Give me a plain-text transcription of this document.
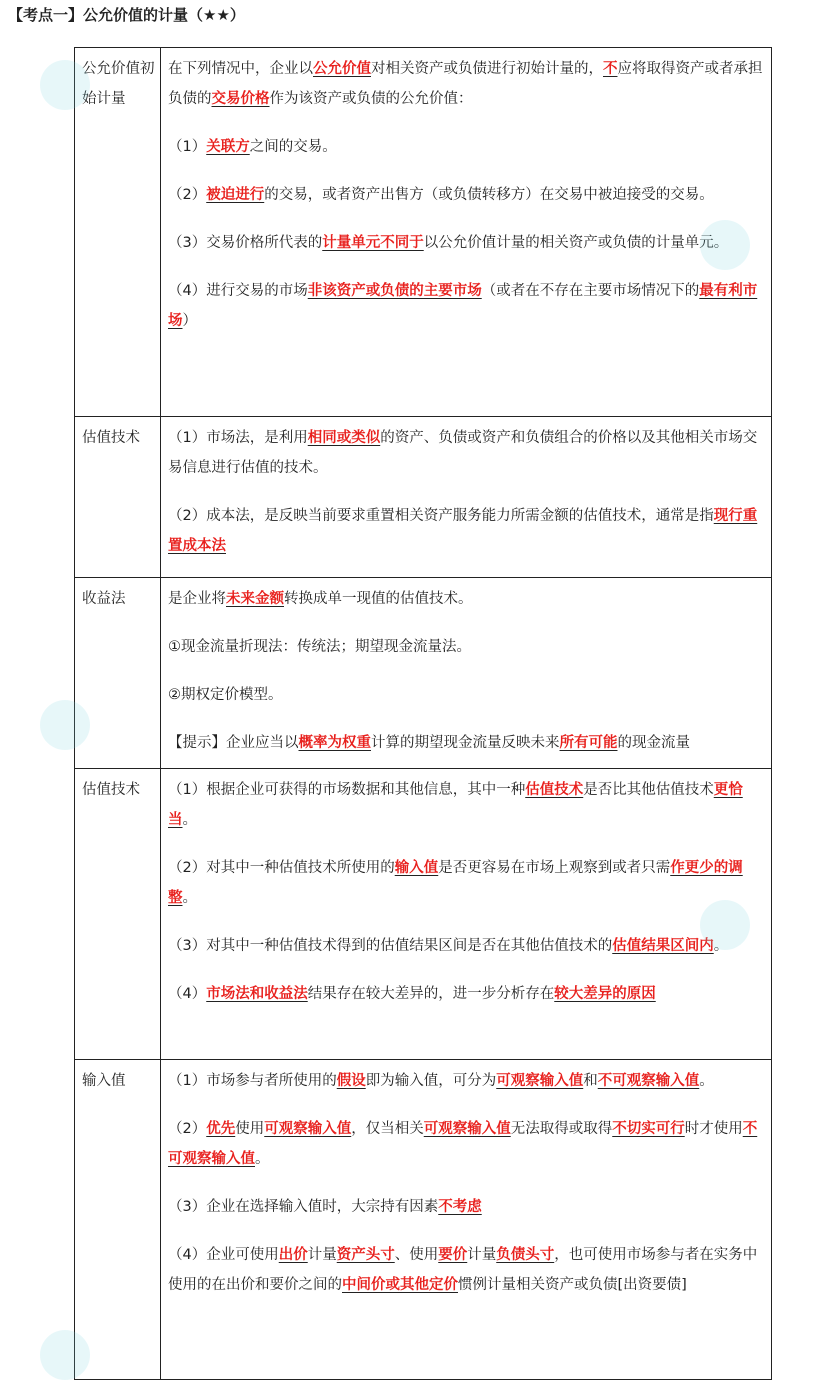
【考点一】公允价值的计量（★★）
公允价值初始计量	在下列情况中，企业以公允价值对相关资产或负债进行初始计量的，不应将取得资产或者承担负债的交易价格作为该资产或负债的公允价值：
（1）关联方之间的交易。
（2）被迫进行的交易，或者资产出售方（或负债转移方）在交易中被迫接受的交易。
（3）交易价格所代表的计量单元不同于以公允价值计量的相关资产或负债的计量单元。
（4）进行交易的市场非该资产或负债的主要市场（或者在不存在主要市场情况下的最有利市场）

估值技术	（1）市场法，是利用相同或类似的资产、负债或资产和负债组合的价格以及其他相关市场交易信息进行估值的技术。
（2）成本法，是反映当前要求重置相关资产服务能力所需金额的估值技术，通常是指现行重置成本法

收益法	是企业将未来金额转换成单一现值的估值技术。
①现金流量折现法：传统法；期望现金流量法。
②期权定价模型。
【提示】企业应当以概率为权重计算的期望现金流量反映未来所有可能的现金流量

估值技术	（1）根据企业可获得的市场数据和其他信息，其中一种估值技术是否比其他估值技术更恰当。
（2）对其中一种估值技术所使用的输入值是否更容易在市场上观察到或者只需作更少的调整。
（3）对其中一种估值技术得到的估值结果区间是否在其他估值技术的估值结果区间内。
（4）市场法和收益法结果存在较大差异的，进一步分析存在较大差异的原因

输入值	（1）市场参与者所使用的假设即为输入值，可分为可观察输入值和不可观察输入值。
（2）优先使用可观察输入值，仅当相关可观察输入值无法取得或取得不切实可行时才使用不可观察输入值。
（3）企业在选择输入值时，大宗持有因素不考虑
（4）企业可使用出价计量资产头寸、使用要价计量负债头寸，也可使用市场参与者在实务中使用的在出价和要价之间的中间价或其他定价惯例计量相关资产或负债[出资要债]
